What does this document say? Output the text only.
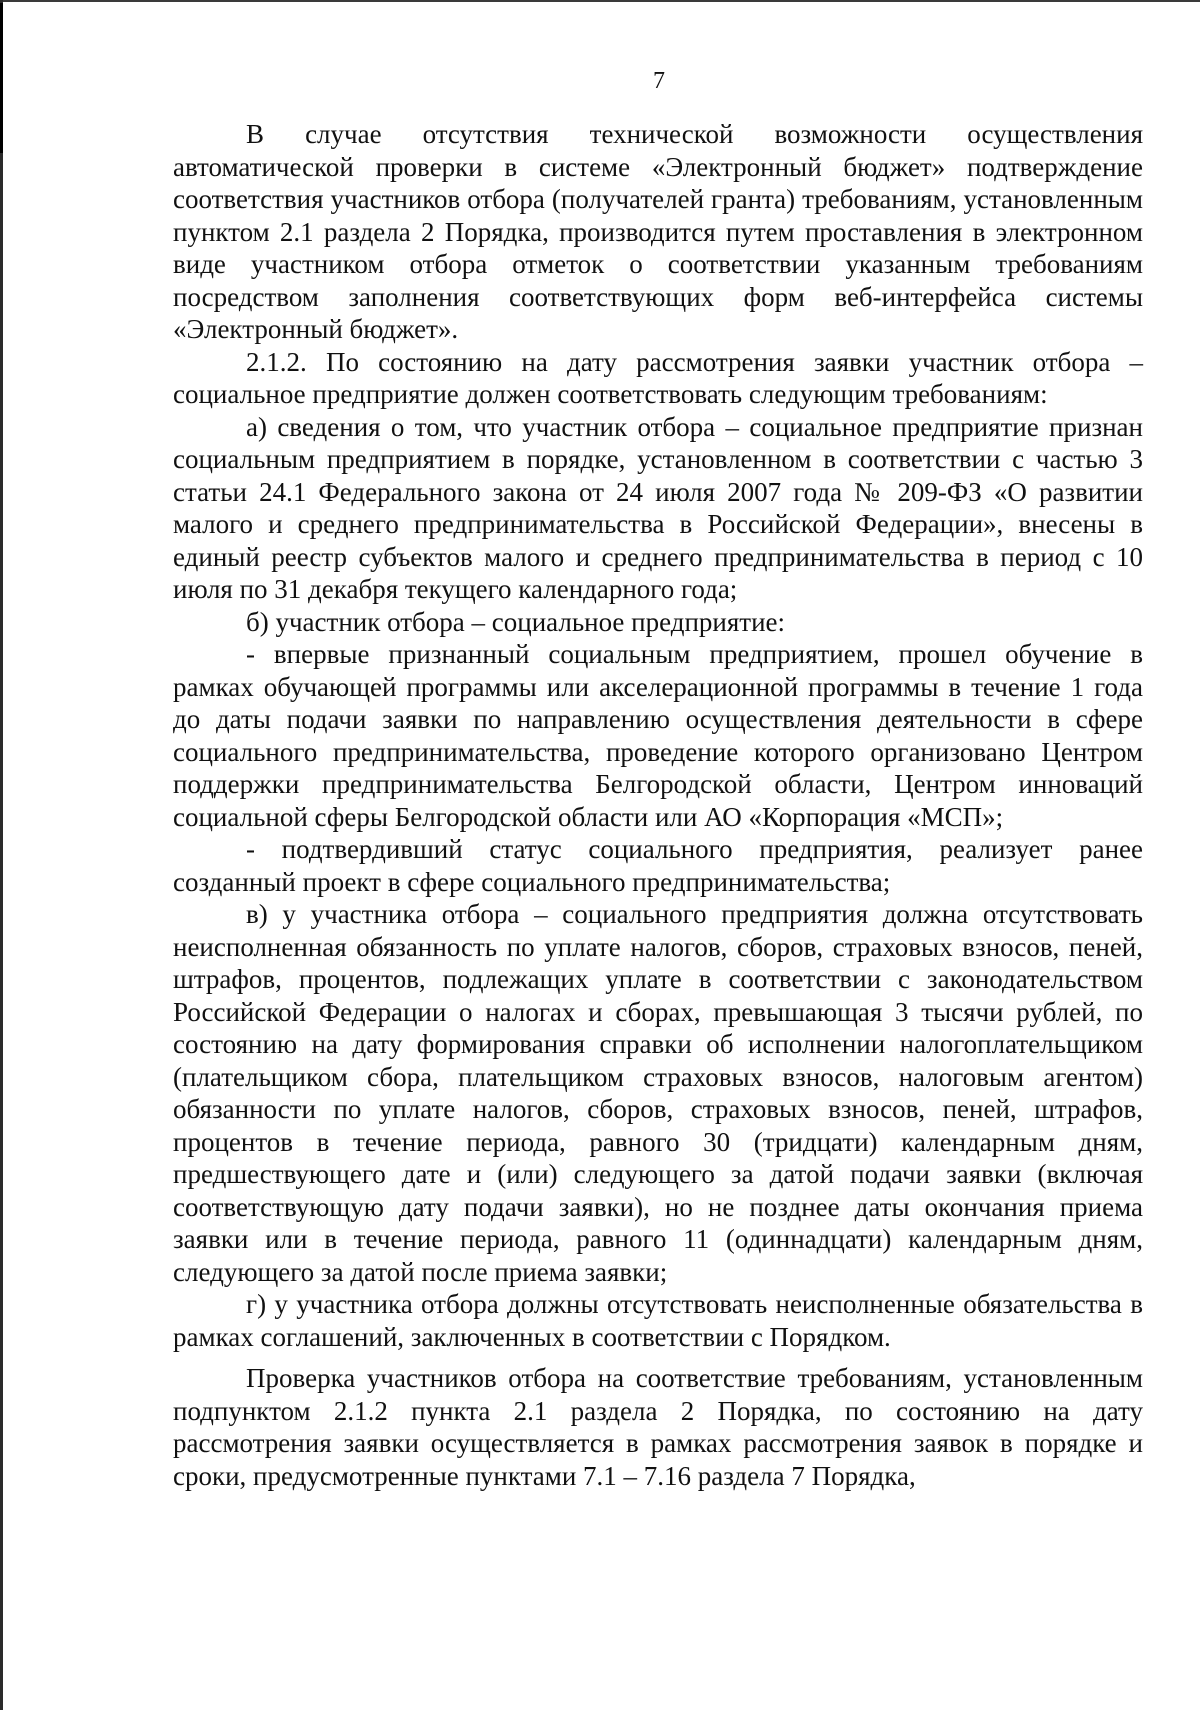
7

В случае отсутствия технической возможности осуществления автоматической проверки в системе «Электронный бюджет» подтверждение соответствия участников отбора (получателей гранта) требованиям, установленным пунктом 2.1 раздела 2 Порядка, производится путем проставления в электронном виде участником отбора отметок о соответствии указанным требованиям посредством заполнения соответствующих форм веб-интерфейса системы «Электронный бюджет».

2.1.2. По состоянию на дату рассмотрения заявки участник отбора – социальное предприятие должен соответствовать следующим требованиям:

а) сведения о том, что участник отбора – социальное предприятие признан социальным предприятием в порядке, установленном в соответствии с частью 3 статьи 24.1 Федерального закона от 24 июля 2007 года № 209-ФЗ «О развитии малого и среднего предпринимательства в Российской Федерации», внесены в единый реестр субъектов малого и среднего предпринимательства в период с 10 июля по 31 декабря текущего календарного года;

б) участник отбора – социальное предприятие:

- впервые признанный социальным предприятием, прошел обучение в рамках обучающей программы или акселерационной программы в течение 1 года до даты подачи заявки по направлению осуществления деятельности в сфере социального предпринимательства, проведение которого организовано Центром поддержки предпринимательства Белгородской области, Центром инноваций социальной сферы Белгородской области или АО «Корпорация «МСП»;

- подтвердивший статус социального предприятия, реализует ранее созданный проект в сфере социального предпринимательства;

в) у участника отбора – социального предприятия должна отсутствовать неисполненная обязанность по уплате налогов, сборов, страховых взносов, пеней, штрафов, процентов, подлежащих уплате в соответствии с законодательством Российской Федерации о налогах и сборах, превышающая 3 тысячи рублей, по состоянию на дату формирования справки об исполнении налогоплательщиком (плательщиком сбора, плательщиком страховых взносов, налоговым агентом) обязанности по уплате налогов, сборов, страховых взносов, пеней, штрафов, процентов в течение периода, равного 30 (тридцати) календарным дням, предшествующего дате и (или) следующего за датой подачи заявки (включая соответствующую дату подачи заявки), но не позднее даты окончания приема заявки или в течение периода, равного 11 (одиннадцати) календарным дням, следующего за датой после приема заявки;

г) у участника отбора должны отсутствовать неисполненные обязательства в рамках соглашений, заключенных в соответствии с Порядком.

Проверка участников отбора на соответствие требованиям, установленным подпунктом 2.1.2 пункта 2.1 раздела 2 Порядка, по состоянию на дату рассмотрения заявки осуществляется в рамках рассмотрения заявок в порядке и сроки, предусмотренные пунктами 7.1 – 7.16 раздела 7 Порядка,
